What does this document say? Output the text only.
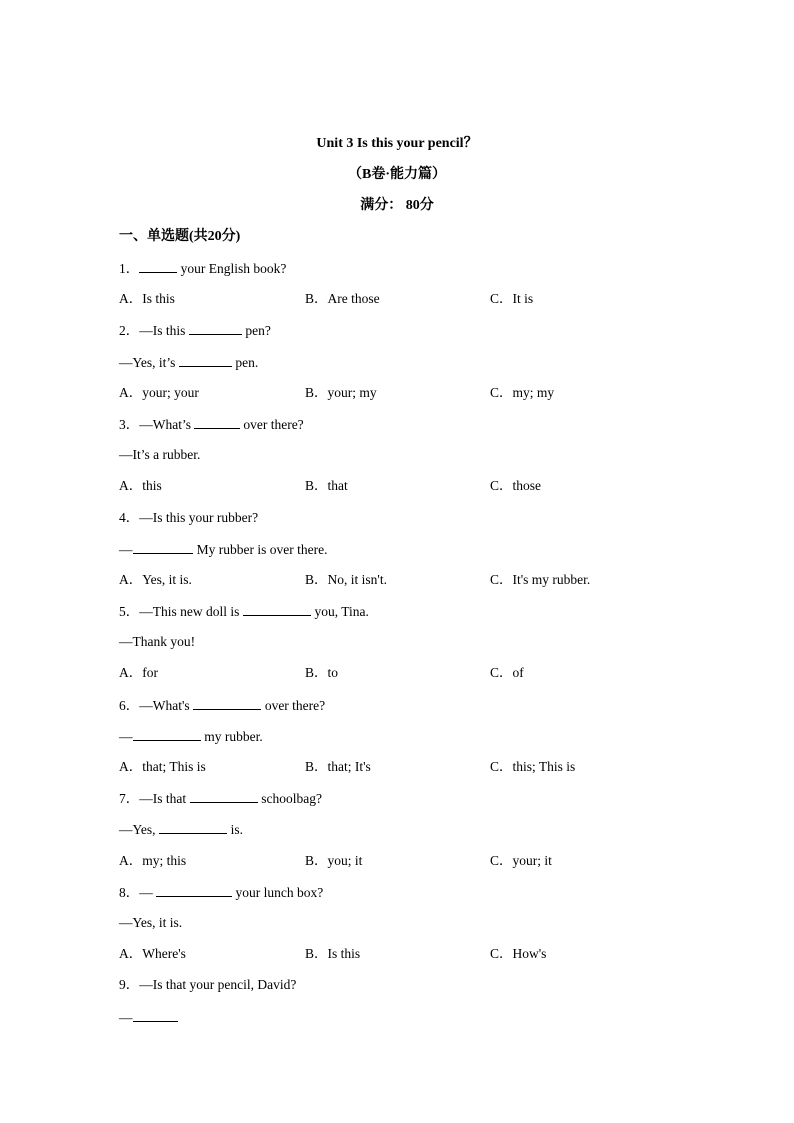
Unit 3 Is this your pencil？
（B卷·能力篇）
满分： 80分
一、单选题(共20分)
1．	your English book?
A．Is this	B．Are those	C．It is
2．—Is this	pen?
—Yes, it’s	pen.
A．your; your	B．your; my	C．my; my
3．—What’s	over there?
—It’s a rubber.
A．this	B．that	C．those
4．—Is this your rubber?
—	My rubber is over there.
A．Yes, it is.	B．No, it isn't.	C．It's my rubber.
5．—This new doll is	you, Tina.
—Thank you!
A．for	B．to	C．of
6．—What's	over there?
—	my rubber.
A．that; This is	B．that; It's	C．this; This is
7．—Is that	schoolbag?
—Yes,	is.
A．my; this	B．you; it	C．your; it
8．—	your lunch box?
—Yes, it is.
A．Where's	B．Is this	C．How's
9．—Is that your pencil, David?
—
